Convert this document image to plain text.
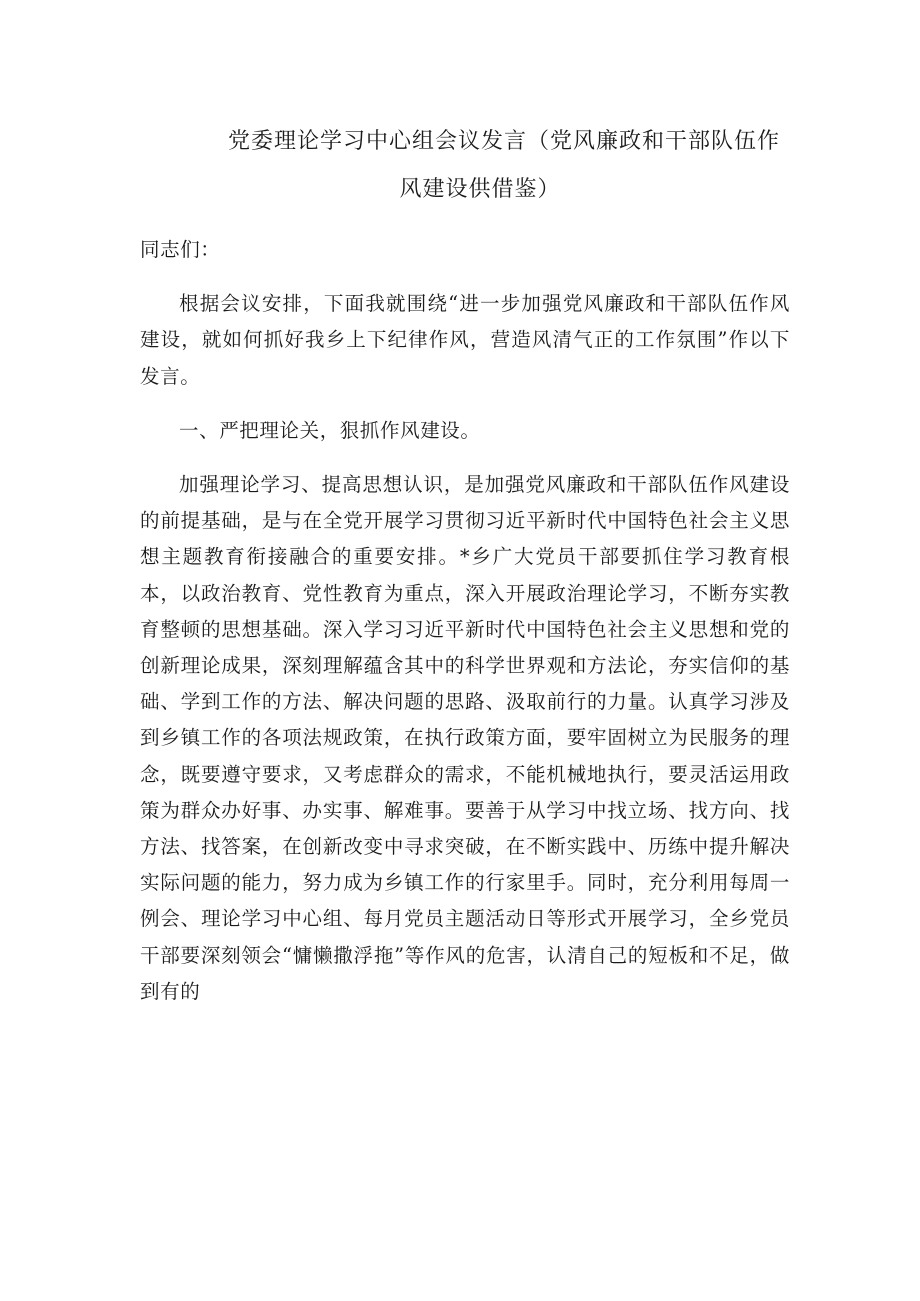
党委理论学习中心组会议发言（党风廉政和干部队伍作
风建设供借鉴）

同志们：

根据会议安排，下面我就围绕“进一步加强党风廉政和干部队伍作风建设，就如何抓好我乡上下纪律作风，营造风清气正的工作氛围”作以下发言。

一、严把理论关，狠抓作风建设。

加强理论学习、提高思想认识，是加强党风廉政和干部队伍作风建设的前提基础，是与在全党开展学习贯彻习近平新时代中国特色社会主义思想主题教育衔接融合的重要安排。*乡广大党员干部要抓住学习教育根本，以政治教育、党性教育为重点，深入开展政治理论学习，不断夯实教育整顿的思想基础。深入学习习近平新时代中国特色社会主义思想和党的创新理论成果，深刻理解蕴含其中的科学世界观和方法论，夯实信仰的基础、学到工作的方法、解决问题的思路、汲取前行的力量。认真学习涉及到乡镇工作的各项法规政策，在执行政策方面，要牢固树立为民服务的理念，既要遵守要求，又考虑群众的需求，不能机械地执行，要灵活运用政策为群众办好事、办实事、解难事。要善于从学习中找立场、找方向、找方法、找答案，在创新改变中寻求突破，在不断实践中、历练中提升解决实际问题的能力，努力成为乡镇工作的行家里手。同时，充分利用每周一例会、理论学习中心组、每月党员主题活动日等形式开展学习，全乡党员干部要深刻领会“慵懒撒浮拖”等作风的危害，认清自己的短板和不足，做到有的
